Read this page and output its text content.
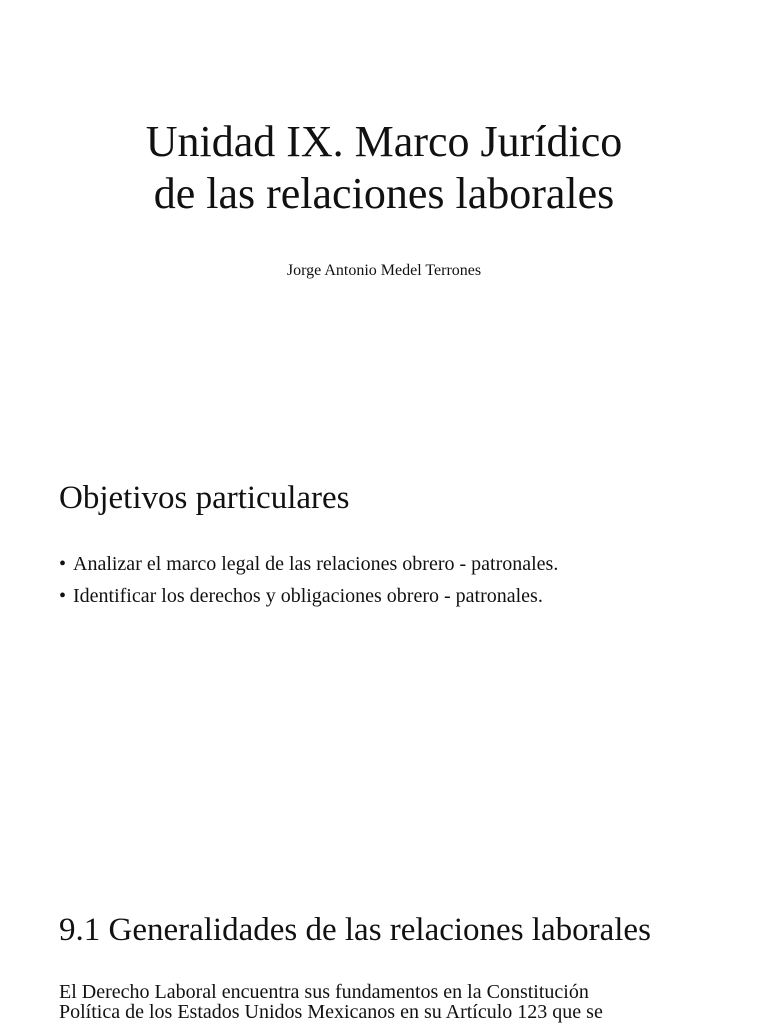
Unidad IX. Marco Jurídico
de las relaciones laborales

Jorge Antonio Medel Terrones

Objetivos particulares
• Analizar el marco legal de las relaciones obrero - patronales.
• Identificar los derechos y obligaciones obrero - patronales.
9.1 Generalidades de las relaciones laborales

El Derecho Laboral encuentra sus fundamentos en la Constitución
Política de los Estados Unidos Mexicanos en su Artículo 123 que se
